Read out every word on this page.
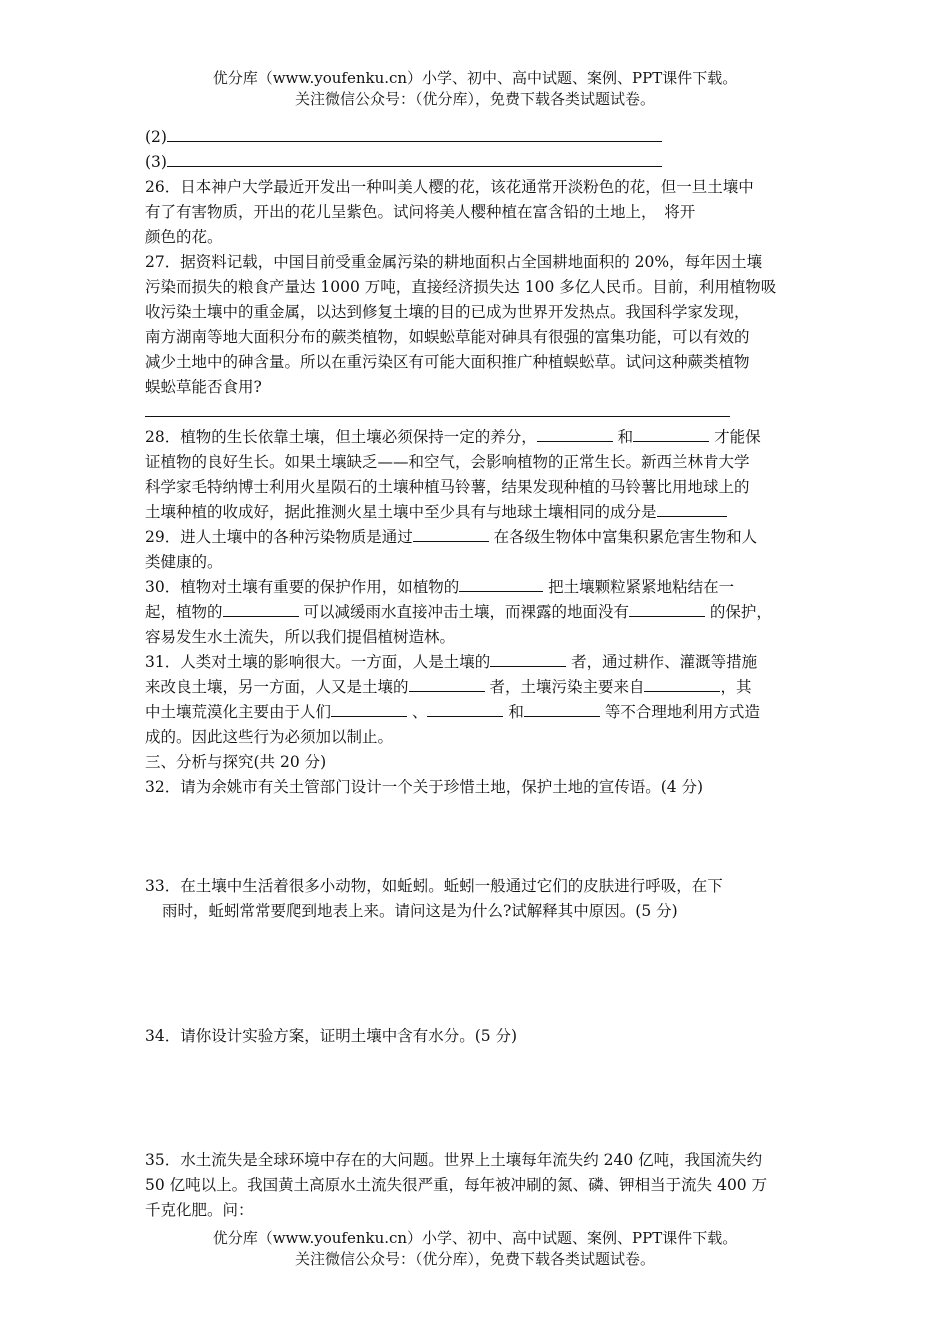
优分库（www.youfenku.cn）小学、初中、高中试题、案例、PPT课件下载。
关注微信公众号：（优分库），免费下载各类试题试卷。
(2)
(3)
26．日本神户大学最近开发出一种叫美人樱的花，该花通常开淡粉色的花，但一旦土壤中
有了有害物质，开出的花儿呈紫色。试问将美人樱种植在富含铅的土地上，　将开
颜色的花。
27．据资料记载，中国目前受重金属污染的耕地面积占全国耕地面积的 20%，每年因土壤
污染而损失的粮食产量达 1000 万吨，直接经济损失达 100 多亿人民币。目前，利用植物吸
收污染土壤中的重金属，以达到修复土壤的目的已成为世界开发热点。我国科学家发现，
南方湖南等地大面积分布的蕨类植物，如蜈蚣草能对砷具有很强的富集功能，可以有效的
减少土地中的砷含量。所以在重污染区有可能大面积推广种植蜈蚣草。试问这种蕨类植物
蜈蚣草能否食用?
28．植物的生长依靠土壤，但土壤必须保持一定的养分，	和	才能保
证植物的良好生长。如果土壤缺乏——和空气，会影响植物的正常生长。新西兰林肯大学
科学家毛特纳博士利用火星陨石的土壤种植马铃薯，结果发现种植的马铃薯比用地球上的
土壤种植的收成好，据此推测火星土壤中至少具有与地球土壤相同的成分是
29．进人土壤中的各种污染物质是通过	在各级生物体中富集积累危害生物和人
类健康的。
30．植物对土壤有重要的保护作用，如植物的	把土壤颗粒紧紧地粘结在一
起，植物的	可以减缓雨水直接冲击土壤，而裸露的地面没有	的保护，
容易发生水土流失，所以我们提倡植树造林。
31．人类对土壤的影响很大。一方面，人是土壤的	者，通过耕作、灌溉等措施
来改良土壤，另一方面，人又是土壤的	者，土壤污染主要来自	，其
中土壤荒漠化主要由于人们	、	和	等不合理地利用方式造
成的。因此这些行为必须加以制止。
三、分析与探究(共 20 分)
32．请为余姚市有关土管部门设计一个关于珍惜土地，保护土地的宣传语。(4 分)
33．在土壤中生活着很多小动物，如蚯蚓。蚯蚓一般通过它们的皮肤进行呼吸，在下
雨时，蚯蚓常常要爬到地表上来。请问这是为什么?试解释其中原因。(5 分)
34．请你设计实验方案，证明土壤中含有水分。(5 分)
35．水土流失是全球环境中存在的大问题。世界上土壤每年流失约 240 亿吨，我国流失约
50 亿吨以上。我国黄土高原水土流失很严重，每年被冲刷的氮、磷、钾相当于流失 400 万
千克化肥。问：
优分库（www.youfenku.cn）小学、初中、高中试题、案例、PPT课件下载。
关注微信公众号：（优分库），免费下载各类试题试卷。
